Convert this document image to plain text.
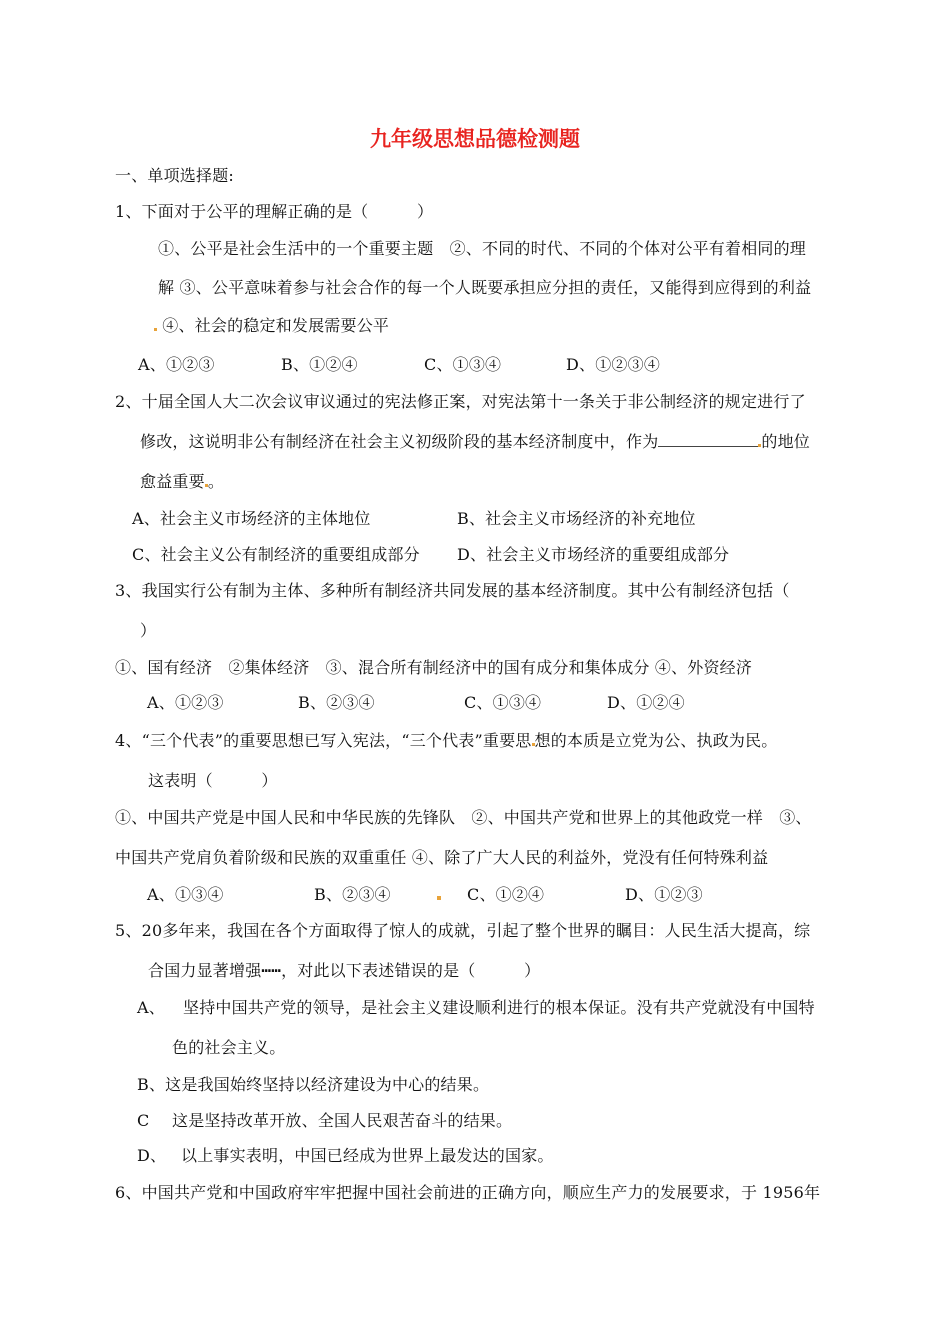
九年级思想品德检测题
一、单项选择题:
1、下面对于公平的理解正确的是（　　　）
①、公平是社会生活中的一个重要主题　②、不同的时代、不同的个体对公平有着相同的理
解 ③、公平意味着参与社会合作的每一个人既要承担应分担的责任，又能得到应得到的利益
④、社会的稳定和发展需要公平
A、①②③	B、①②④	C、①③④	D、①②③④
2、十届全国人大二次会议审议通过的宪法修正案，对宪法第十一条关于非公制经济的规定进行了
修改，这说明非公有制经济在社会主义初级阶段的基本经济制度中，作为	的地位
愈益重要 。
A、社会主义市场经济的主体地位	B、社会主义市场经济的补充地位
C、社会主义公有制经济的重要组成部分 D、社会主义市场经济的重要组成部分
3、我国实行公有制为主体、多种所有制经济共同发展的基本经济制度。其中公有制经济包括（
）
①、国有经济　②集体经济　③、混合所有制经济中的国有成分和集体成分 ④、外资经济
A、①②③	B、②③④	C、①③④	D、①②④
4、“三个代表”的重要思想已写入宪法，“三个代表”重要思 想的本质是立党为公、执政为民。
这表明（　　　）
①、中国共产党是中国人民和中华民族的先锋队　②、中国共产党和世界上的其他政党一样　③、
中国共产党肩负着阶级和民族的双重重任 ④、除了广大人民的利益外，党没有任何特殊利益
A、①③④	B、②③④	C、①②④	D、①②③
5、20多年来，我国在各个方面取得了惊人的成就，引起了整个世界的瞩目：人民生活大提高，综
合国力显著增强┅┅，对此以下表述错误的是（　　　）
A、 坚持中国共产党的领导，是社会主义建设顺利进行的根本保证。没有共产党就没有中国特
色的社会主义。
B、这是我国始终坚持以经济建设为中心的结果。
C 这是坚持改革开放、全国人民艰苦奋斗的结果。
D、 以上事实表明，中国已经成为世界上最发达的国家。
6、中国共产党和中国政府牢牢把握中国社会前进的正确方向，顺应生产力的发展要求，于 1956年
